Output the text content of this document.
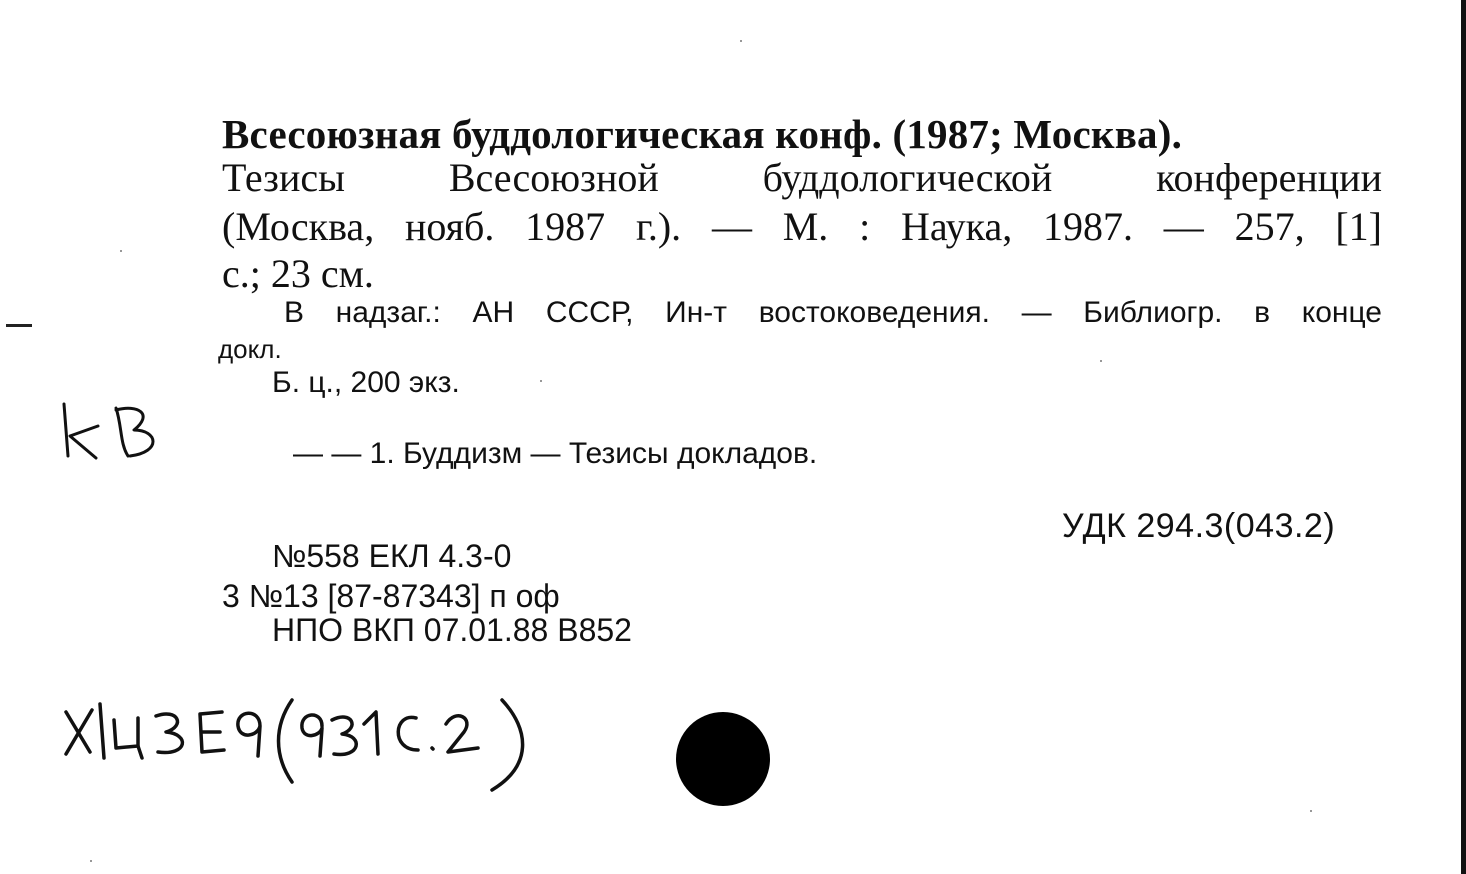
Всесоюзная буддологическая конф. (1987; Москва).
Тезисы Всесоюзной буддологической конференции
(Москва, нояб. 1987 г.). — М. : Наука, 1987. — 257, [1]
с.; 23 см.
В надзаг.: АН СССР, Ин-т востоковедения. — Библиогр. в конце
докл.
Б. ц., 200 экз.
— — 1. Буддизм — Тезисы докладов.
УДК 294.3(043.2)
№558 ЕКЛ 4.3-0
3 №13 [87-87343] п оф
НПО ВКП 07.01.88 В852
